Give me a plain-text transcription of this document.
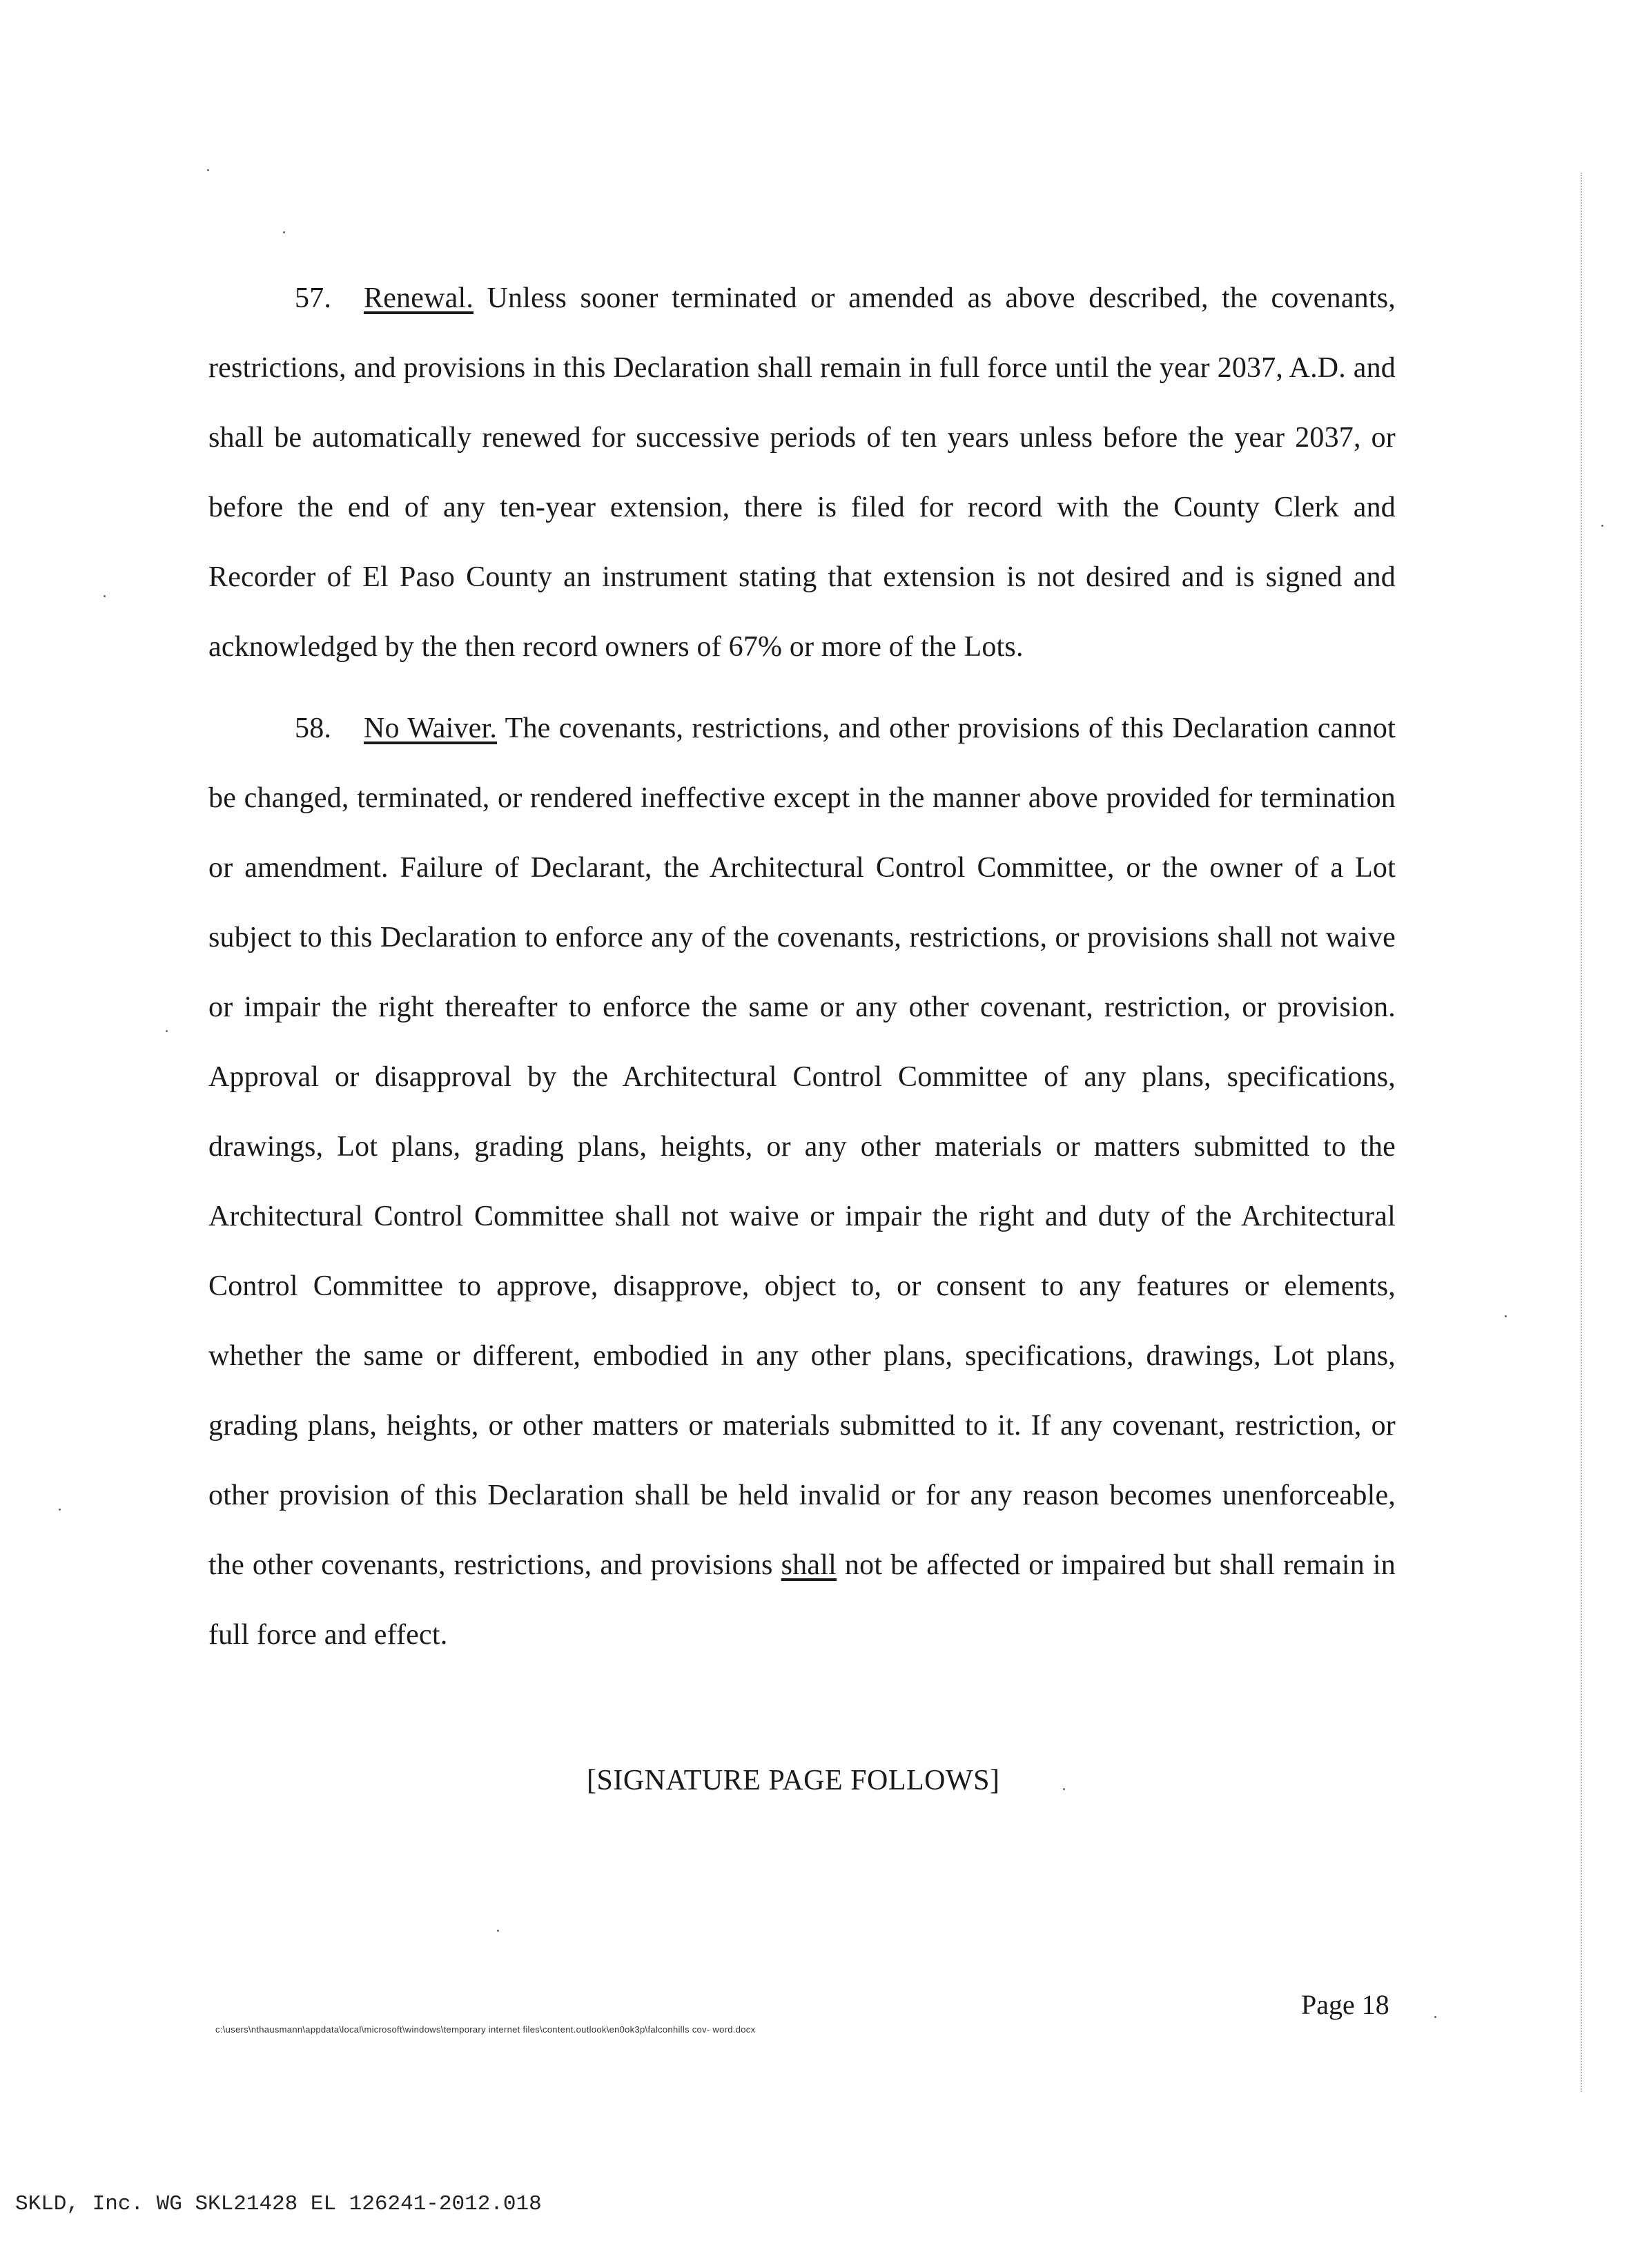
57. Renewal. Unless sooner terminated or amended as above described, the covenants, restrictions, and provisions in this Declaration shall remain in full force until the year 2037, A.D. and shall be automatically renewed for successive periods of ten years unless before the year 2037, or before the end of any ten-year extension, there is filed for record with the County Clerk and Recorder of El Paso County an instrument stating that extension is not desired and is signed and acknowledged by the then record owners of 67% or more of the Lots.
58. No Waiver. The covenants, restrictions, and other provisions of this Declaration cannot be changed, terminated, or rendered ineffective except in the manner above provided for termination or amendment. Failure of Declarant, the Architectural Control Committee, or the owner of a Lot subject to this Declaration to enforce any of the covenants, restrictions, or provisions shall not waive or impair the right thereafter to enforce the same or any other covenant, restriction, or provision. Approval or disapproval by the Architectural Control Committee of any plans, specifications, drawings, Lot plans, grading plans, heights, or any other materials or matters submitted to the Architectural Control Committee shall not waive or impair the right and duty of the Architectural Control Committee to approve, disapprove, object to, or consent to any features or elements, whether the same or different, embodied in any other plans, specifications, drawings, Lot plans, grading plans, heights, or other matters or materials submitted to it. If any covenant, restriction, or other provision of this Declaration shall be held invalid or for any reason becomes unenforceable, the other covenants, restrictions, and provisions shall not be affected or impaired but shall remain in full force and effect.
[SIGNATURE PAGE FOLLOWS]
Page 18
c:\users\nthausmann\appdata\local\microsoft\windows\temporary internet files\content.outlook\en0ok3p\falconhills cov- word.docx
SKLD, Inc. WG SKL21428 EL 126241-2012.018
